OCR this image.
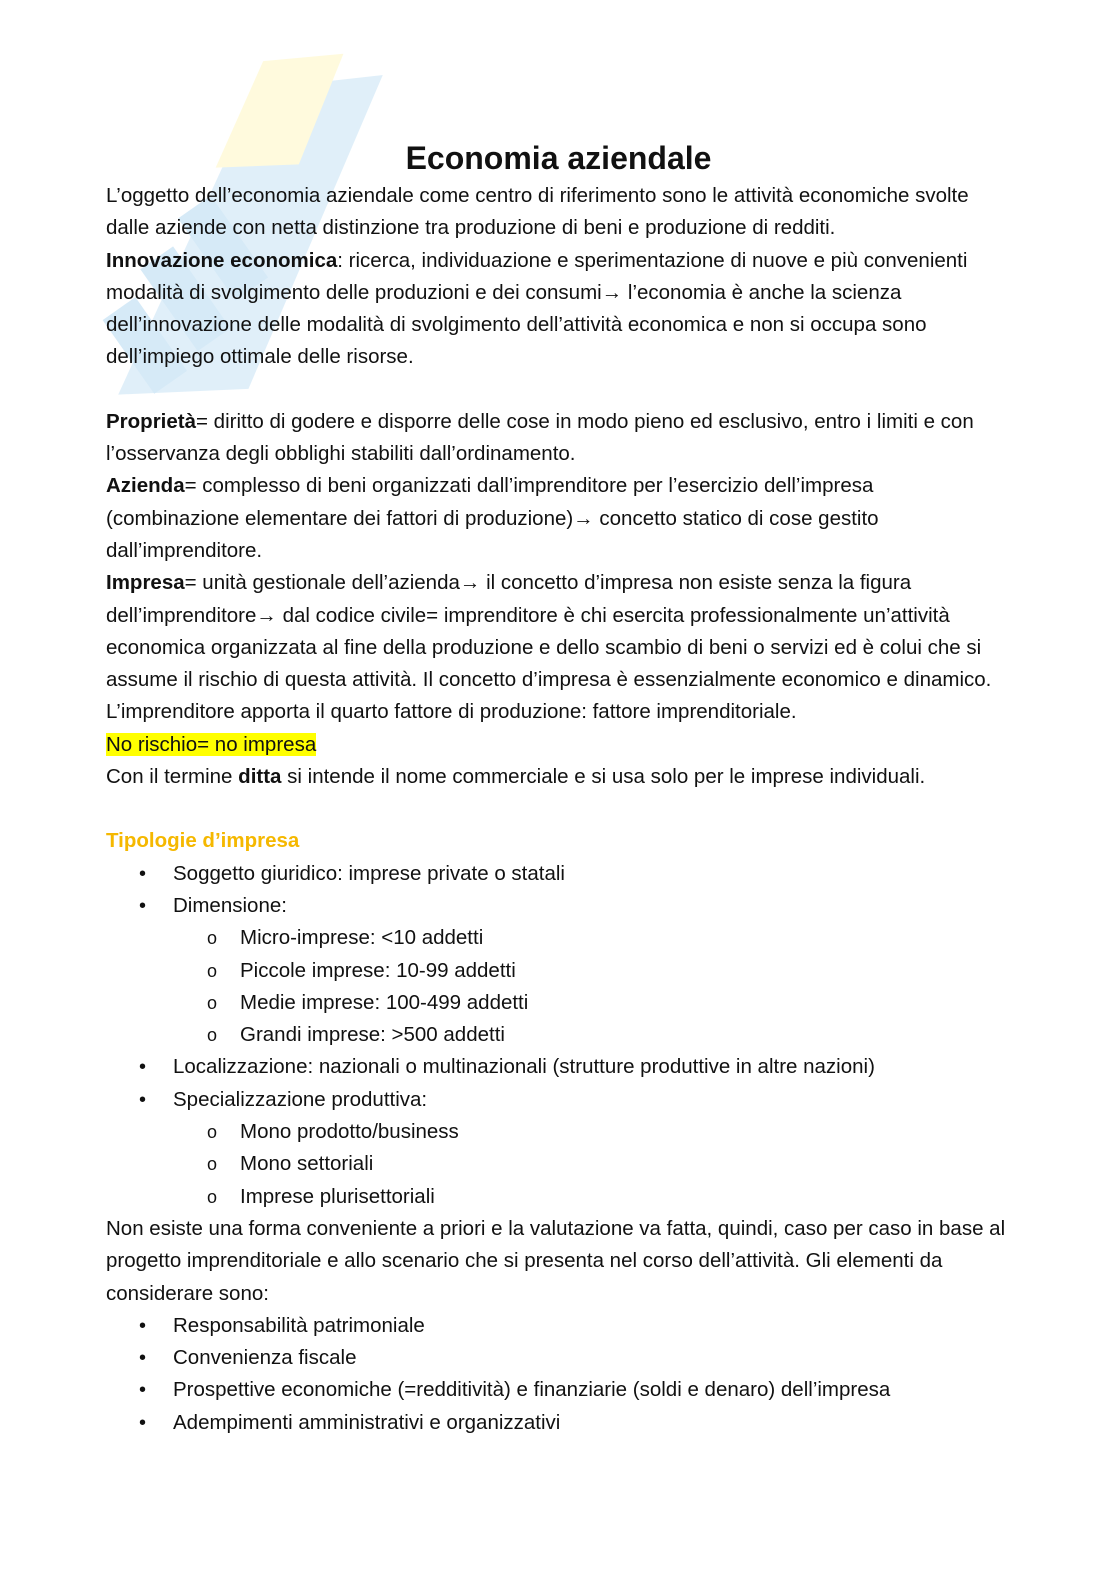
Economia aziendale

L’oggetto dell’economia aziendale come centro di riferimento sono le attività economiche svolte dalle aziende con netta distinzione tra produzione di beni e produzione di redditi.

Innovazione economica: ricerca, individuazione e sperimentazione di nuove e più convenienti modalità di svolgimento delle produzioni e dei consumi→ l’economia è anche la scienza dell’innovazione delle modalità di svolgimento dell’attività economica e non si occupa sono dell’impiego ottimale delle risorse.

Proprietà= diritto di godere e disporre delle cose in modo pieno ed esclusivo, entro i limiti e con l’osservanza degli obblighi stabiliti dall’ordinamento.

Azienda= complesso di beni organizzati dall’imprenditore per l’esercizio dell’impresa (combinazione elementare dei fattori di produzione)→ concetto statico di cose gestito dall’imprenditore.

Impresa= unità gestionale dell’azienda→ il concetto d’impresa non esiste senza la figura dell’imprenditore→ dal codice civile= imprenditore è chi esercita professionalmente un’attività economica organizzata al fine della produzione e dello scambio di beni o servizi ed è colui che si assume il rischio di questa attività. Il concetto d’impresa è essenzialmente economico e dinamico. L’imprenditore apporta il quarto fattore di produzione: fattore imprenditoriale.

No rischio= no impresa

Con il termine ditta si intende il nome commerciale e si usa solo per le imprese individuali.

Tipologie d’impresa

• Soggetto giuridico: imprese private o statali
• Dimensione:
o Micro-imprese: <10 addetti
o Piccole imprese: 10-99 addetti
o Medie imprese: 100-499 addetti
o Grandi imprese: >500 addetti
• Localizzazione: nazionali o multinazionali (strutture produttive in altre nazioni)
• Specializzazione produttiva:
o Mono prodotto/business
o Mono settoriali
o Imprese plurisettoriali

Non esiste una forma conveniente a priori e la valutazione va fatta, quindi, caso per caso in base al progetto imprenditoriale e allo scenario che si presenta nel corso dell’attività. Gli elementi da considerare sono:

• Responsabilità patrimoniale
• Convenienza fiscale
• Prospettive economiche (=redditività) e finanziarie (soldi e denaro) dell’impresa
• Adempimenti amministrativi e organizzativi
